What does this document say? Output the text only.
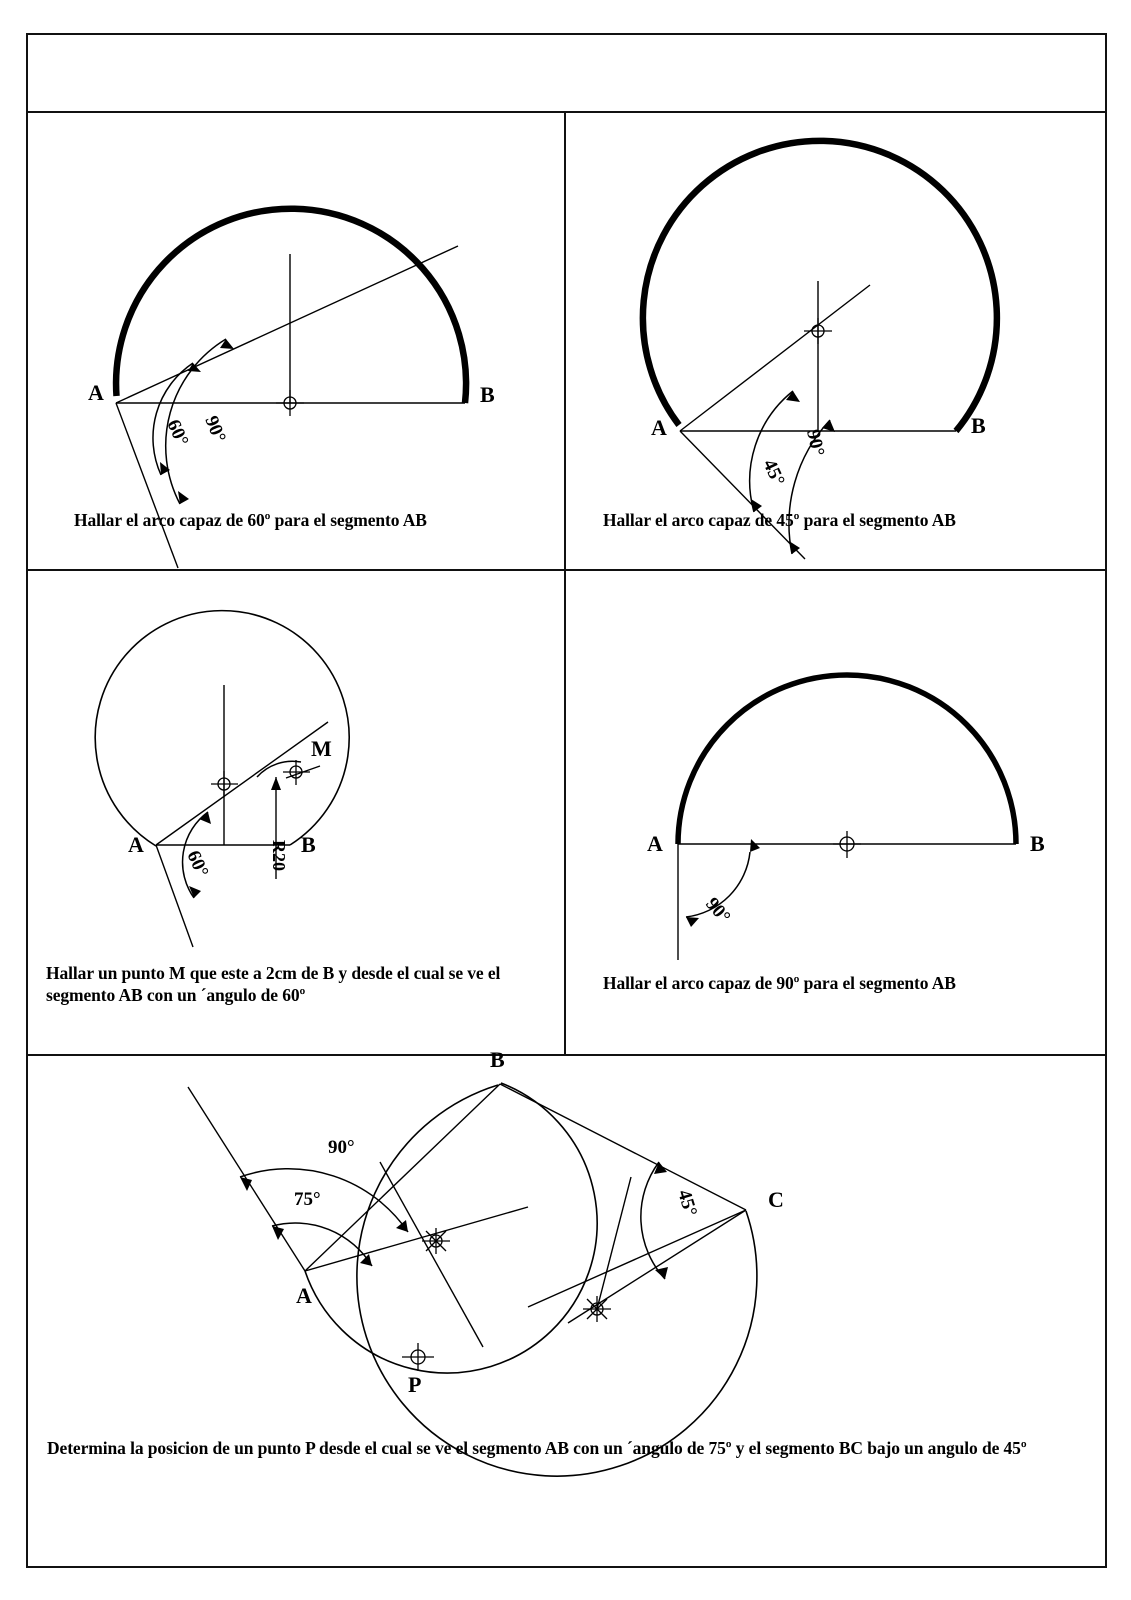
A	B
60° 90°
Hallar el arco capaz de 60º para el segmento AB
A	B
45°
90°
Hallar el arco capaz de 45º para el segmento AB
60°
A	B
M
R20
Hallar un punto M que este a 2cm de B y desde el cual se ve el segmento AB con un ´angulo de 60º
A	B
90°
Hallar el arco capaz de 90º para el segmento AB
B
C
A
P
90°
75°	45°
Determina la posicion de un punto P desde el cual se ve el segmento AB con un ´angulo de 75º y el segmento BC bajo un angulo de 45º
